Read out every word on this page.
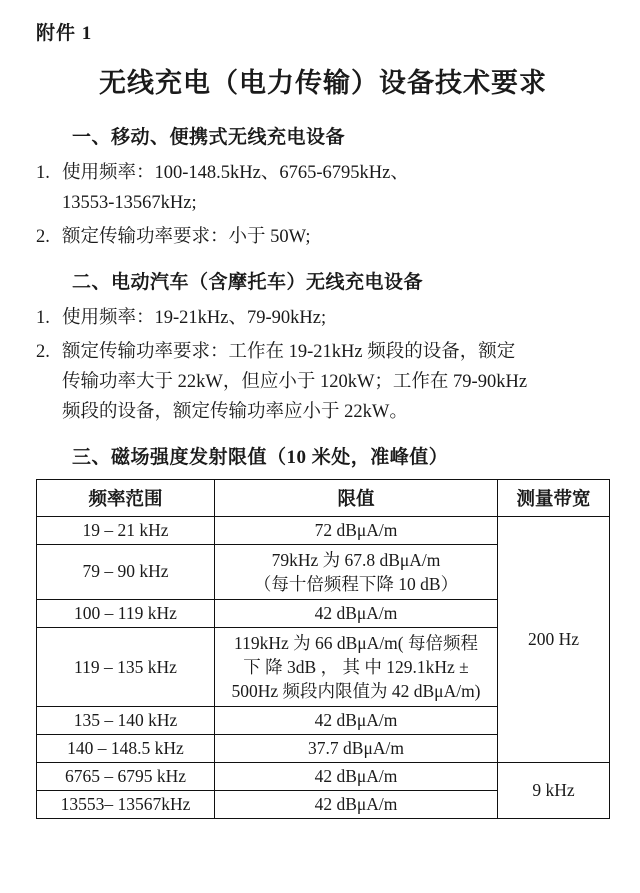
附件 1
无线充电（电力传输）设备技术要求
一、移动、便携式无线充电设备
1. 使用频率：100-148.5kHz、6765-6795kHz、
13553-13567kHz;
2. 额定传输功率要求：小于 50W;
二、电动汽车（含摩托车）无线充电设备
1. 使用频率：19-21kHz、79-90kHz;
2. 额定传输功率要求：工作在 19-21kHz 频段的设备，额定
传输功率大于 22kW，但应小于 120kW；工作在 79-90kHz
频段的设备，额定传输功率应小于 22kW。
三、磁场强度发射限值（10 米处，准峰值）
频率范围	限值	测量带宽
19 – 21 kHz	72 dBμA/m	200 Hz
79 – 90 kHz	79kHz 为 67.8 dBμA/m
（每十倍频程下降 10 dB）	

100 – 119 kHz	42 dBμA/m	
119 – 135 kHz	119kHz 为 66 dBμA/m( 每倍频程
下 降 3dB ， 其 中 129.1kHz ±
500Hz 频段内限值为 42 dBμA/m)	

135 – 140 kHz	42 dBμA/m	
140 – 148.5 kHz	37.7 dBμA/m	
6765 – 6795 kHz	42 dBμA/m	9 kHz
13553– 13567kHz	42 dBμA/m	
